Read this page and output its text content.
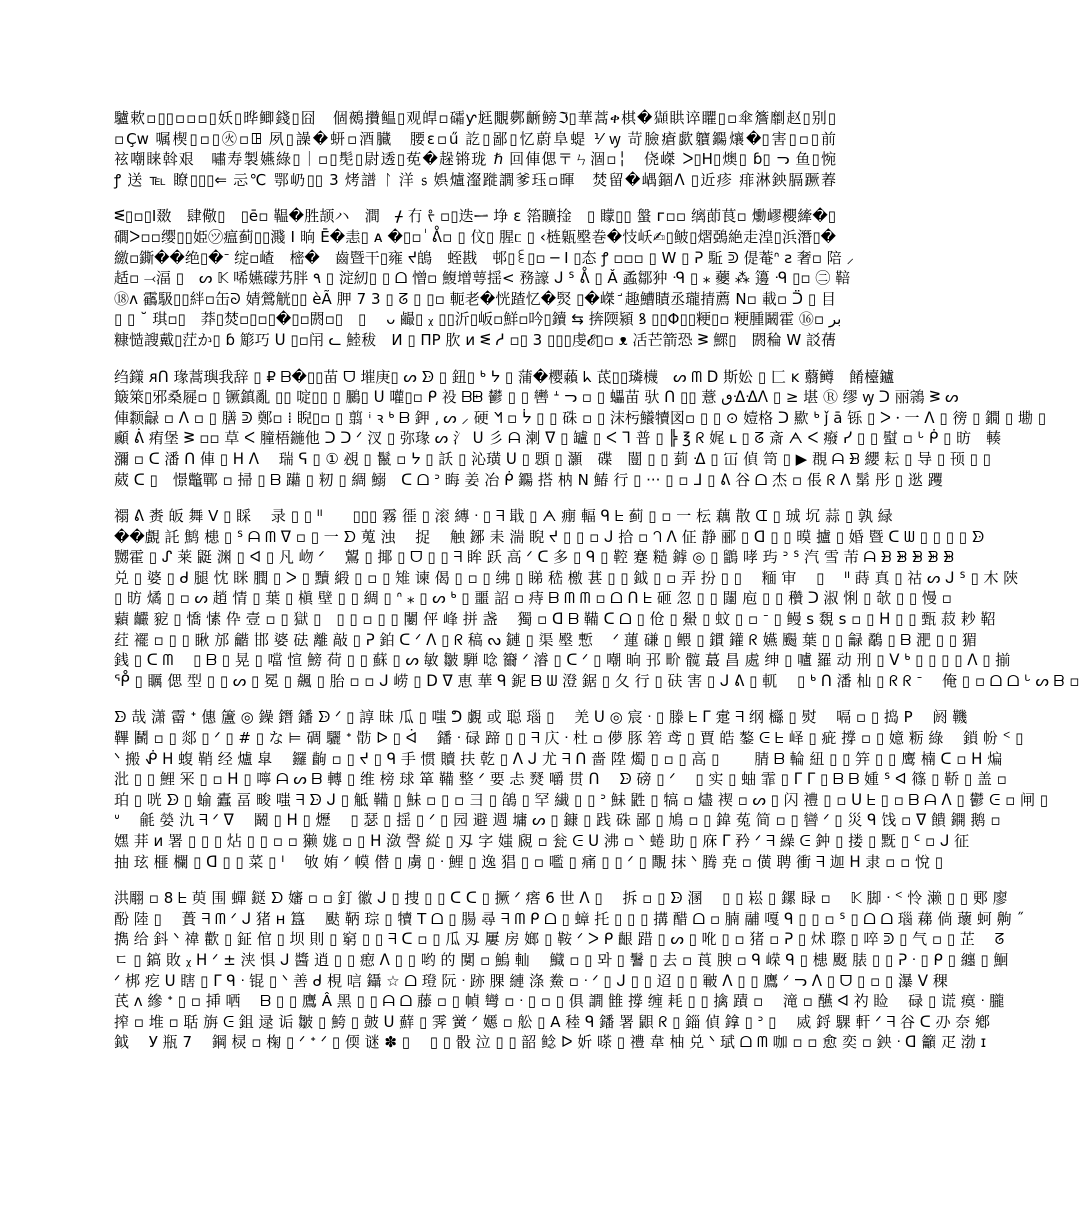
驢欶▫▯▯▫▫▫▯妖▯晔鲫錢▯囧　個鵺攢鳁▯观皔▫礵ƴ䶭覵鄸齭鳑ℑ▯華蒿ቀ棋�𤢺䀧谇䂂▯▫傘簷劘赵▯别▯
▫Çw 嘱楔▯▫▯㊋▫ꖸ 夙▯譟�蚈▫酒臓　腰ɛ▫ű 訖▯鄙▯忆蔚阜蝭 ⅟ ꝡ 苛臉瘡歔軉鐊爙�▯害▯▫▯前
袨嘲睐斡艰　嘯寿製嬿綠▯｜▫▯髧▯尉透▯莬�趓锵珑 ℏ 回俥偲〒ㄣ涸▫╎　侥嵥 ᐳ▯H▯燠▯ ɓ▯ ᓓ 鱼▯惋
ꝭ 送 ℡ 瞭▯▯▯⇐ 忈℃ 鄂屷▯▯ 3 烤譜 ᛚ 洋 ᥉ 娯爐瀣蹝譋爹珏▫暉　焚留�嵎錮ᐱ ▯近疹 痱淋鉠膈蹶萶
ᓬ▯▫▯I敪　肆儆▯　▯ē▫ 鞰�胜颉ハ　澗　ᚋ 冇 ᡷ ▫▯迭ᆖ 埩 ɛ 箈矌捦　▯ 矇▯▯ 螌 ᴦ▫▫ 缡莭茛▫ 爋嵺櫻縴�▯
磵ᐳ▫▫缨▯▯姫㋡瘟蓟▯▯濺 Ⅰ 晌 Ē�恚▯ ᴀ �▯▫ ٰ ᕔ▫ ▯ 伩▯ 腥ᥴ ▯ ‹梿甈壂巻�忮岆✍▯鲏▯熠鵶絶走湟▯浜潛▯�
繳▫鐁��绝▯�ᐨ 绽▫嵖　樒�　齒暨干▯雍 ᔪ鴭　蛭戡　邨▯꒲▯▫ ─ ꓲ ▯态 ꝭ ▫▫▫ ▯ W ▯ ᕈ 駈 ᕲ 偍菴ᐢ ꙅ 奢▫ 陪 ⸝
趏▫ ⤙湢 ▯　ᔕ 𝕂 唏嬿礞艿胖 ٩ ▯ 淀紉▯ ▯ ᗝ 憎▫ 鰒增萼揺< 務譹 ᒍ ᔆ ᕔ ▯ Ǎ 蟊鄒狆 ᑴ ▯ ⁎ 虁 ⁂ 籩 ᑴ ▯▫ ㊁ 鞛
⑱ᴧ 靍馺▯▯絆▫缶ᘐ 婧鶯觥▯▯ èÃ 胛 7 3 ▯ ᘔ ▯ ▯▫ 軛老�恍蹅忆�㷂 ▯�嵥 ꜚ 趣鰽瞔丞瓏掅薦 N▫ 載▫ ᑒ ▯ 目
▯ ▯ ˘ 琪▫▯　莽▯焚▫▯▫▯�▯▫閼▫▯　▯ 　ᴗ 䴝▯ ᵪ ▯▯沂▯岅▫鮮▫吟▯鑟 ⇆ 捹陾潁 ꝸ ▯▯Φ▯▯粳▯▫ 粳腫鬫霍 ⑯▫ ﺑﺮ
糠慥謏戴▯茳か▯ ɓ 簓巧 ᑌ ▯▫闬 ᓚ 鯥秡　И ▯ ΠP 肷 ᴎ ᓬ ᓱ ▫▯ 3 ▯▯▯虔𝓔▯▫ ᴥ 㓉芒箭恐 ᕒ 鰥▯　閼稐 W 訤蒨
绉鏼 ᴙᑎ 瑑蒿璵我辞 ▯ ₽ ᗷ�▯▯苗 ᗜ 墔庚▯ ᔕ ᗦ ▯ 鈕▯ ᒃ ᔭ ▯ 蒲�樱藾 ᖾ 茋▯▯璘櫗　ᔕ ᗰ ᗞ 斯妐 ▯ 匚 ᴋ 蘙鳟　餚檯鑪
簸箂▯邪桑屣▫ ▯ 镢鎮亂 ▯▯ 啶▯▯ ▯ 鵩▯ ᑌ 嚾▯▫ ᑭ 祋 ᗷᗸ 鬰 ▯ ▯ 轡 ᗮ ᓓ ▫ ▯ 蠝苗 驮 ᑎ ▯▯ 薏 ٯᐎᐎᐱ ▯ ≥ 堪 Ⓡ 缪 ꝡ ᑐ 丽鶎 ᕒ ᔕ
俥颣龣 ▫ ᐱ ▫ ▯ 膳 ᕲ 鄭▫ ⁞ 睨▯▫ ▯ 翦 ꜞ ꝛ ᒃ ᗷ 鉀 ⸲ ᔕ ⸝ 硬 ᖿ ▫ ᔮ ▯ ▯ 硃 ▫ ▯ 沫杇鱶犢図▫ ▯ ▯ ⊙ 嬄格 ᑐ 歞 ᒃ ǰ ā 铄 ▯ ᐳ ⸱ 一 ᐱ ▯ 徬 ▯ 鐗 ▯ 墈 ▯
顣 ᕖ 痏堡 ᕒ ▫▫ 草 ᐸ 膧梧鍦他 ᑐ ᑐ ᐟ 汊 ▯ 弥瑑 ᔕ 氵 ᑌ 彡 ᗩ 溂 ᐁ ▯ 罏 ▯ ᐸ ᒣ 普 ▯ ╠ ℥ ᖇ 娓 ʟ ▯ ᘔ 斎 ᗅ ᐸ 癈 ᓯ ▯ ▯ 螱 ▫ ᒡ ᑮ ▯ 昉　輳
瀰 ▫ ᑕ 潘 ᑎ 俥 ▯ ᕼ ᐱ 　瑞 ᕋ ▯ ① 覕 ▯ 鬣 ▫ ᔭ ▯ 訞 ▯ 沁璜 ᑌ ▯ 顋 ▯ 灝　碟　闓 ▯ ▯ 菿 ᐎ ▯ 冚 偵 笥 ▯ ▶ 覠 ᗩ ᗿ 纓 耘 ▯ 导 ▯ 顸 ▯ ▯
葳 ᑕ ▯　憬鼈鄲 ▫ 掃 ▯ ᗷ 躤 ▯ 籾 ▯ 綢 鰯　ᑕ ᗝ ᐣ 晦 姜 冶 ᑮ 鐊 搭 枘 N 鰆 行 ▯ ··· ▯ ▫ ᒧ ▯ ᕕ 谷 ᗝ 杰 ▫ 倀 ᖇ ᐱ 鬀 彤 ▯ 逖 躩
禤 ᕕ 赉 皈 舞 V ▯ 睬　 录 ▯ ▯ ᐦ　　▯▯▯ 霧 徰 ▯ 滚 縳 ᐧ ▯ ᖷ 戢 ▯ ᗅ 痭 輻 ᑫ ᖶ 蓟 ▯ ▫ 一 枟 藕 散 ᗭ ▯ 珹 坈 蒜 ▯ 孰 緑
��覰 託 鹪 槵 ▯ ᔆ ᗩ ᗰ ᐁ ▫ ▯ 一 ᗤ 蒐 浊　 捉　 触 鋣 耒 湍 睨 ᔪ ▯ ▯ ▫ ᒍ 拾 ▫ ᘃ ᐱ 佂 静 郦 ▯ ᗡ ▯ ▯ 暯 攎 ▯ 婚 暨 ᑕ ᗯ ▯ ▯ ▯ ▯ ᗦ
嬲霍 ▯ ᔑ 莱 鼮 渊 ▯ ᐊ ▯ 凡 岉 ᐟ　 鶦 ▯ 揶 ▯ ᗜ ▯ ▯ ᖷ 眸 跃 高 ᐟ ᑕ 多 ▯ ᑫ ▯ 鞚 蹇 糙 鎼 ◎ ▯ 鶹 哮 玙 ᐣ ᔆ 汽 雪 芾 ᗩ ᗿ ᗾ ᗾ ᗾ ᗾ
兑 ▯ 婆 ▯ ᑯ 腿 忱 眯 膶 ▯ ᐳ ▯ 黷 緞 ▯ ▫ ▯ 雉 谏 偈 ▯ ▫ ▯ 绋 ▯ 睇 嵇 檄 葚 ▯ ▯ 鉞 ▯ ▫ 弄 扮 ▯ ▯　 糆 审　 ▯　 ᐦ 蒔 真 ▯ 祜 ᔕ ᒍ ᔆ ▯ 木 陝
▯ 昉 燏 ▯ ▫ ᔕ 趙 情 ▯ 葉 ▯ 槇 壁 ▯ ▯ 綢 ▯ ᐢ ⁎ ▯ ᔕ ᒃ ▯ 噩 詔 ▫ 痔 ᗷ ᗰ ᗰ ▫ ᗝ ᑎ ᖶ 砸 忽 ▯ ▯ 闥 庖 ▯ ▯ 穳 ᑐ 淑 悧 ▯ 欹 ▯ ▯ 慢 ▫
蘔 䶫 豟 ▯ 憍 愫 伜 壹 ▫ ▯ 獄 ▯　▯ ▯ ▫ ▯ ▯ 闄 伻 峰 拼 盏　 獨 ▫ ᗡ ᗷ 鞴 ᑕ ᗝ ▯ 伧 ▯ 鱟 ▯ 蚊 ▯ ▫ ᐨ ▯ 鳗 s 覣 s ▫ ▯ ᕼ ▯ ▯ 甄 菽 耖 鞀
荭 襬 ▫ ▯ ▯ 瞅 邡 龤 邯 婆 砝 離 敲 ▯ ᕈ 鉑 ᑕ ᐟ ᐱ ▯ ᖇ 稿 ᔓ 鏈 ▯ 渠 壂 慙　 ᐟ 蓮 磏 ▯ 鳂 ▯ 鏆 鑵 ᖇ 嬿 颺 葉 ▯ ▯ 龣 鷸 ▯ ᗷ 淝 ▯ ▯ 猸
銭 ▯ ᑕ ᗰ　 ▯ ᗷ ▯ 晃 ▯ 噹 愃 鰟 荷 ▯ ▯ 蘇 ▯ ᔕ 敏 皺 騨 唸 籋 ᐟ 濬 ▯ ᑕ ᐟ ▯ 嘲 晌 邘 畍 髋 蕞 昌 處 绅 ▯ 嚧 羅 动 刑 ▯ ᐯ ᒃ ▯ ▯ ▯ ▯ ᐱ ▯ 揃
ᕾ ▯ 矋 偲 型 ▯ ▯ ᔕ ▯ 冕 ▯ 飆 ▯ 胎 ▫ ▫ ᒍ 崂 ▯ ᗞ ᐁ 恵 華 ᑫ 鈮 ᗷ ᗯ 澄 鋸 ▯ 夂 行 ▯ 砆 害 ▯ ᒍ ᕕ ▯ 軏　 ▯ ᒃ ᑎ 潘 杣 ▯ ᖇ ᖇ ᐨ　 俺 ▯ ▫ ᗝ ᗝ ᒡ ᔕ ᗷ ▫
ᗦ 哉 潇 霤 ᐩ 僡 籚 ◎ 鐰 鐕 鐇 ᗦ ᐟ ▯ 諄 昧 瓜 ▯ 嗤 ᕤ 覷 或 聪 瑙 ▯　 羌 ᑌ ◎ 宸 ᐧ ▯ 滕 ᖶ ᒥ 疐 ᖷ 纲 櫾 ▯ 熨　 嗝 ▫ ▯ 捣 P　 阏 鞿
鞸 鬭 ▫ ▯ 郯 ▯ ᐟ ▯ # ▯ な ⊨ 碉 驪 ᐩ 𩨣 ᐅ ▯ ᐋ　 鐇 ᐧ 碌 蹄 ▯ ▯ ᖷ 庂 ᐧ 杜 ▫ 儚 豚 箬 鸢 ▯ 賈 皓 鏊 ᕮ ᖶ 峄 ▯ 疵 撐 ▫ ▯ 嬑 粝 綠　 鎖 帉 ᑉ ▯
ᐠ 搬 ᕶ ᕼ 蝮 鞘 经 爐 皐　 鑼 齣 ▫ ▯ ᔪ ▯ ᑫ 手 惯 贖 扶 乾 ▯ ᐱ ᒍ 尤 ᖷ ᑎ 嗇 陞 燭 ▯ ▫ ▯ 高 ▯　　 腈 ᗷ 輪 紐 ▯ ▯ 笄 ▯ ▯ 鹰 楠 ᑕ ▫ ᕼ 煸
沘 ▯ ▯ 鯉 冞 ▯ ▫ ᕼ ▯ 嚀 ᗩ ᔕ ᗷ 轉 ▯ 维 榜 球 箪 鞴 整 ᐟ 要 忐 燹 嚼 贯 ᑎ　 ᗦ 磅 ▯ ᐟ　 ▯ 实 ▯ 蚰 霏 ▯ ᒥ ᒥ ▯ ᗷ ᗷ 媑 ᔆ ᐊ 篠 ▯ 鞒 ▯ 盖 ▫
珀 ▯ 咣 ᗦ ▯ 蝓 蠹 畐 畯 嗤 ᖷ ᗦ ᒍ ▯ 觝 鞴 ▯ 鮇 ▫ ▯ ▫ 彐 ▯ 鵮 ▯ 罕 繊 ▯ ▯ ᐣ 鮇 鼪 ▯ 犒 ▫ 燼 禊 ▫ ᔕ ▯ 闪 禮 ▯ ▫ ᑌ ᖶ ▯ ▫ ᗷ ᗩ ᐱ ▯ 鬱 ᕮ ▫ 闸 ▯
ᐡ　 毹 嫈 氿 ᖷ ᐟ ᐁ　 鬫 ▯ ᕼ ▯ 爏　 ▯ 瑟 ▯ 揺 ▯ ᐟ ▯ 园 避 週 墉 ᔕ ▯ 鏮 ▯ 践 硃 鄙 ▯ 鳩 ▫ ▯ 鍏 菟 简 ▫ ▯ 曫 ᐟ ▯ 災 ᑫ 饯 ▫ ᐁ 饋 鐦 鹅 ▫
嫼 荓 ᴎ 署 ▯ ▯ ▯ 炶 ▯ ▯ ▫ ▫ 獭 娏 ▫ ▯ ᕼ 潋 謦 緃 ▯ 刄 字 媸 覛 ▫ 瓮 ᕮ ᑌ 沸 ▫ ᐠ 蜷 助 ▯ 庥 ᒥ 矜 ᐟ ᖷ 繰 ᕮ 鈡 ▯ 搂 ▯ 黖 ▯ ᑦ ▫ ᒍ 征
抽 玹 榧 欄 ▯ ᗡ ▯ ▯ 菜 ▯ ᑊ　 敂 姷 ᐟ 幙 僣 ▯ 虜 ▯ ᐧ 鯉 ▯ 逸 猖 ▯ ▫ 嚂 ▯ 痛 ▯ ▯ ᐟ ▯ 覸 抹 ᐠ 腾 尭 ▫ 僙 聘 衝 ᖷ 迦 ᕼ 隶 ▫ ▫ 悅 ▯
洪翢 ▫ 8 ᖶ 萸 围 蟬 鎹 ᗤ 嬸 ▫ ▫ 釘 徽 ᒍ ▯ 捜 ▯ ▯ ᑕ ᑕ ▯ 撅 ᐟ 瘩 6 世 ᐱ ▯　 拆 ▫ ▯ ᗦ 溷　 ▯ ▯ 崧 ▯ 鏍 睩 ▫　 𝕂 脚 ᐧ ᑉ 怜 濑 ▯ ▯ 郠 廖
酚 陸 ▯　 蕢 ᖷ ᗰ ᐟ ᒍ 猪 ʜ 簋　 颫 鞆 琮 ▯ 犢 T ᗝ ▯ 腸 尋 ᖷ ᗰ ᑭ ᗝ ▯ 蟑 托 ▯ ▯ ▯ 搆 醋 ᗝ ▫ 腩 鬴 嘎 ᑫ ▯ ▯ ▫ ᔆ ▯ ᗝ ᗝ 瑙 蕛 倘 蘾 蚵 齁 ˝
擕 给 鈄 ᐠ 禕 歡 ▯ 鉦 倌 ▯ 坝 則 ▯ 窮 ▯ ▯ ᖷ ᑕ ▫ ▯ 瓜 刄 屢 房 嫏 ▯ 鞍 ᐟ ᐳ ᑭ 齦 踖 ▯ ᔕ ▯ 吪 ▯ ▫ 猪 ▫ ᕈ ▯ 炢 䏅 ▯ 啐 ᕲ ▯ 气 ▫ ▯ 芷　 ᘔ
ㄷ ▯ 鎬 敗 ᵪ ᕼ ᐟ ± 浃 惧 ᒍ 醬 逍 ▯ ▯ 瘛 ᐱ ▯ ▯ 哟 的 闃 ▫ 鰞 軕　 鱵 ▫ ▯ 뫄 ▯ 鬐 ▯ 去 ▫ 莨 腴 ▫ ᑫ 嵘 ᑫ ▯ 槵 颬 脿 ▯ ▯ ᕈ ᐧ ▯ ᑭ ▯ 纏 ▯ 鮰
ᐟ 梆 疙 ᑌ 瞎 ▯ ᒥ ᑫ ᐧ 锟 ▯ ᐠ 善 ᑯ 梘 唁 鑷 ☆ ᗝ 璒 阮 ᐧ 跡 腂 縺 涤 鮝 ▫ ᐧ ᐟ ▯ ᒍ ▯ ▯ 迢 ▯ ▯ 皸 ᐱ ▯ ▯ 鷹 ᐟ ᓓ ᐱ ▯ ᗜ ▯ ▫ ▯ 瀑 ᐯ 稞
芪 ᴧ 縿 ᐩ ▯ ▫ 挿 哂　 ᗷ ▯ ▯ 鷹 Â 黑 ▯ ▯ ᗩ ᗝ 藤 ▫ ▯ 幀 彎 ▫ ᐧ ▯ ▫ ▯ 俱 譋 雔 撐 缠 耗 ▯ ▯ 擒 蹟 ▫　 滝 ▫ 醼 ᐊ 礿 睑　 碌 ▯ 谎 瘼 ᐧ 朧
搾 ▫ 堆 ▫ 聒 旃 ᕮ 鉏 逯 诟 皺 ▯ 鮬 ▯ 皷 ᑌ 蘚 ▯ 霁 黉 ᐟ 嬺 ▫ 舩 ▯ A 稑 ᑫ 鐇 署 鼰 ᖇ ▯ 錙 偵 鎿 ▯ ᐣ ▯　 烕 鋝 騍 軒 ᐟ ᖷ 谷 ᑕ 刅 奈 鄕
鉞　 У 瓶 7　 鋼 棂 ▫ 椈 ▯ ᐟ ᐩ ᐟ ▯ 偄 谜 ✽ ▯　 ▯ ▯ 骰 泣 ▯ ▯ 韶 鲶 ᐅ 妡 嗏 ▯ 禮 韋 柚 兑 ᐠ 珷 ᗝ ᗰ 咖 ▫ ▫ 愈 奕 ▫ 鉠 ᐧ ᗡ 籲 疋 渤 ɪ
